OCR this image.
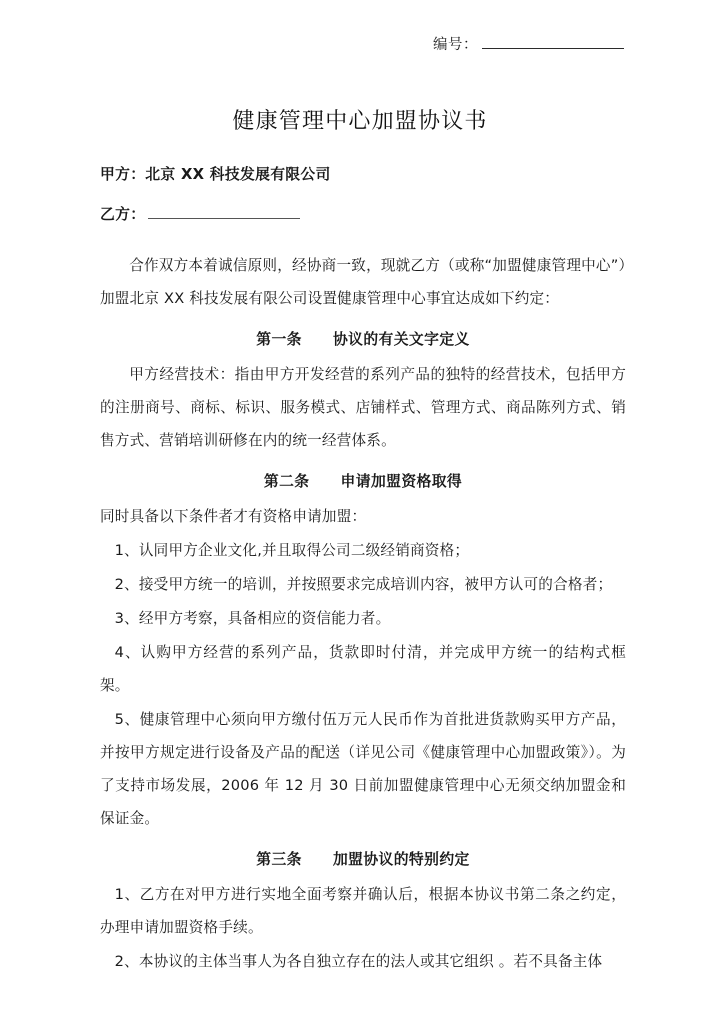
编号：
健康管理中心加盟协议书
甲方： 北京 XX 科技发展有限公司
乙方：

合作双方本着诚信原则，经协商一致，现就乙方（或称“加盟健康管理中心”）加盟北京 XX 科技发展有限公司设置健康管理中心事宜达成如下约定：

第一条 协议的有关文字定义

甲方经营技术：指由甲方开发经营的系列产品的独特的经营技术，包括甲方的注册商号、商标、标识、服务模式、店铺样式、管理方式、商品陈列方式、销售方式、营销培训研修在内的统一经营体系。

第二条 申请加盟资格取得

同时具备以下条件者才有资格申请加盟：

1、认同甲方企业文化,并且取得公司二级经销商资格；

2、接受甲方统一的培训，并按照要求完成培训内容，被甲方认可的合格者；

3、经甲方考察，具备相应的资信能力者。

4、认购甲方经营的系列产品，货款即时付清，并完成甲方统一的结构式框架。

5、健康管理中心须向甲方缴付伍万元人民币作为首批进货款购买甲方产品，并按甲方规定进行设备及产品的配送（详见公司《健康管理中心加盟政策》）。为了支持市场发展，2006 年 12 月 30 日前加盟健康管理中心无须交纳加盟金和保证金。

第三条 加盟协议的特别约定

1、乙方在对甲方进行实地全面考察并确认后，根据本协议书第二条之约定，办理申请加盟资格手续。

2、本协议的主体当事人为各自独立存在的法人或其它组织 。若不具备主体
